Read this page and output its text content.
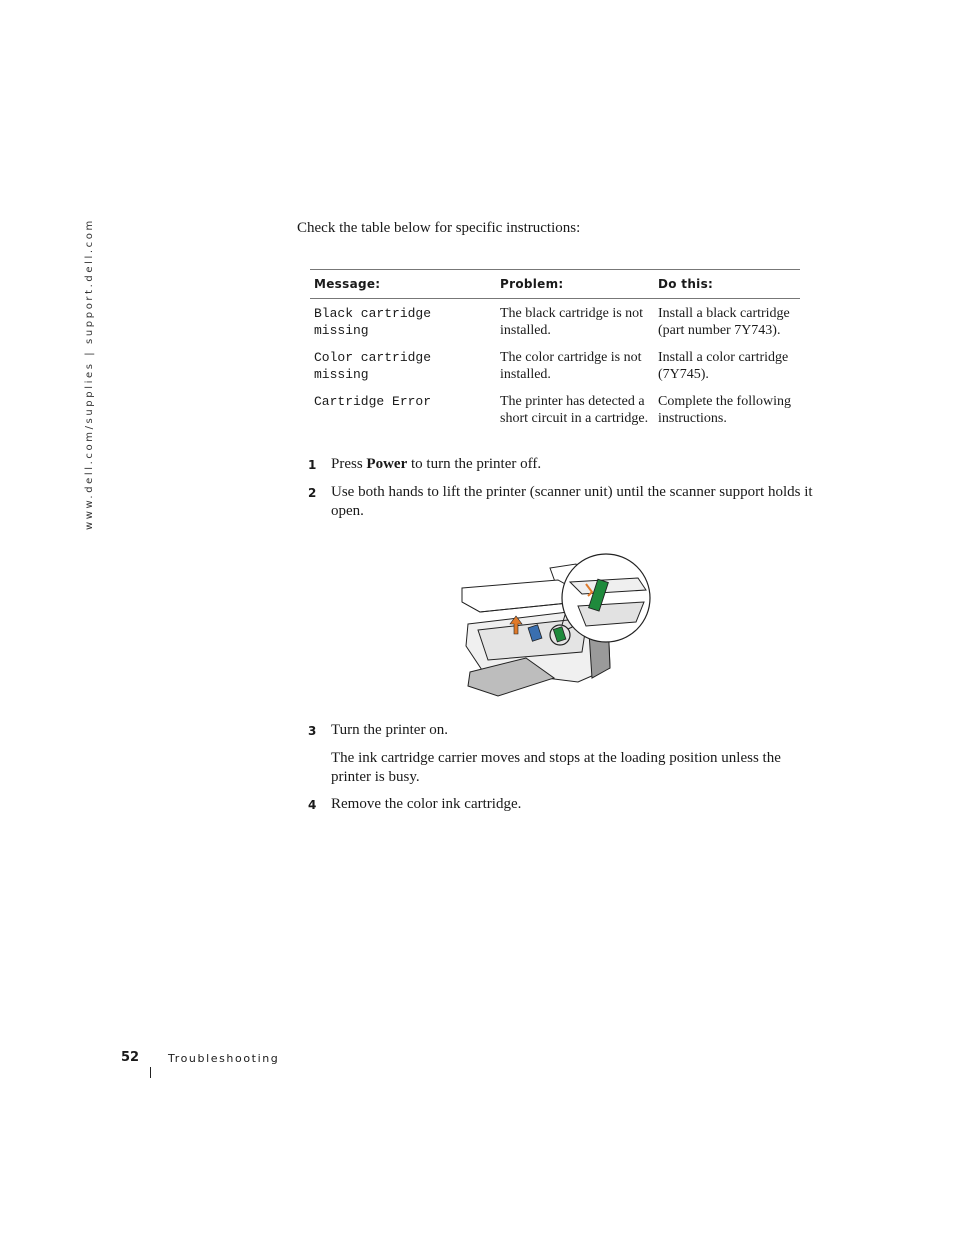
www.dell.com/supplies | support.dell.com	Check the table below for specific instructions:
Message:	Problem:	Do this:
Black cartridge missing	The black cartridge is not installed.	Install a black cartridge (part number 7Y743).
Color cartridge missing	The color cartridge is not installed.	Install a color cartridge (7Y745).
Cartridge Error	The printer has detected a short circuit in a cartridge.	Complete the following instructions.
1 Press Power to turn the printer off.
2 Use both hands to lift the printer (scanner unit) until the scanner support holds it open.
3 Turn the printer on.
The ink cartridge carrier moves and stops at the loading position unless the printer is busy.
4 Remove the color ink cartridge.
52	Troubleshooting
